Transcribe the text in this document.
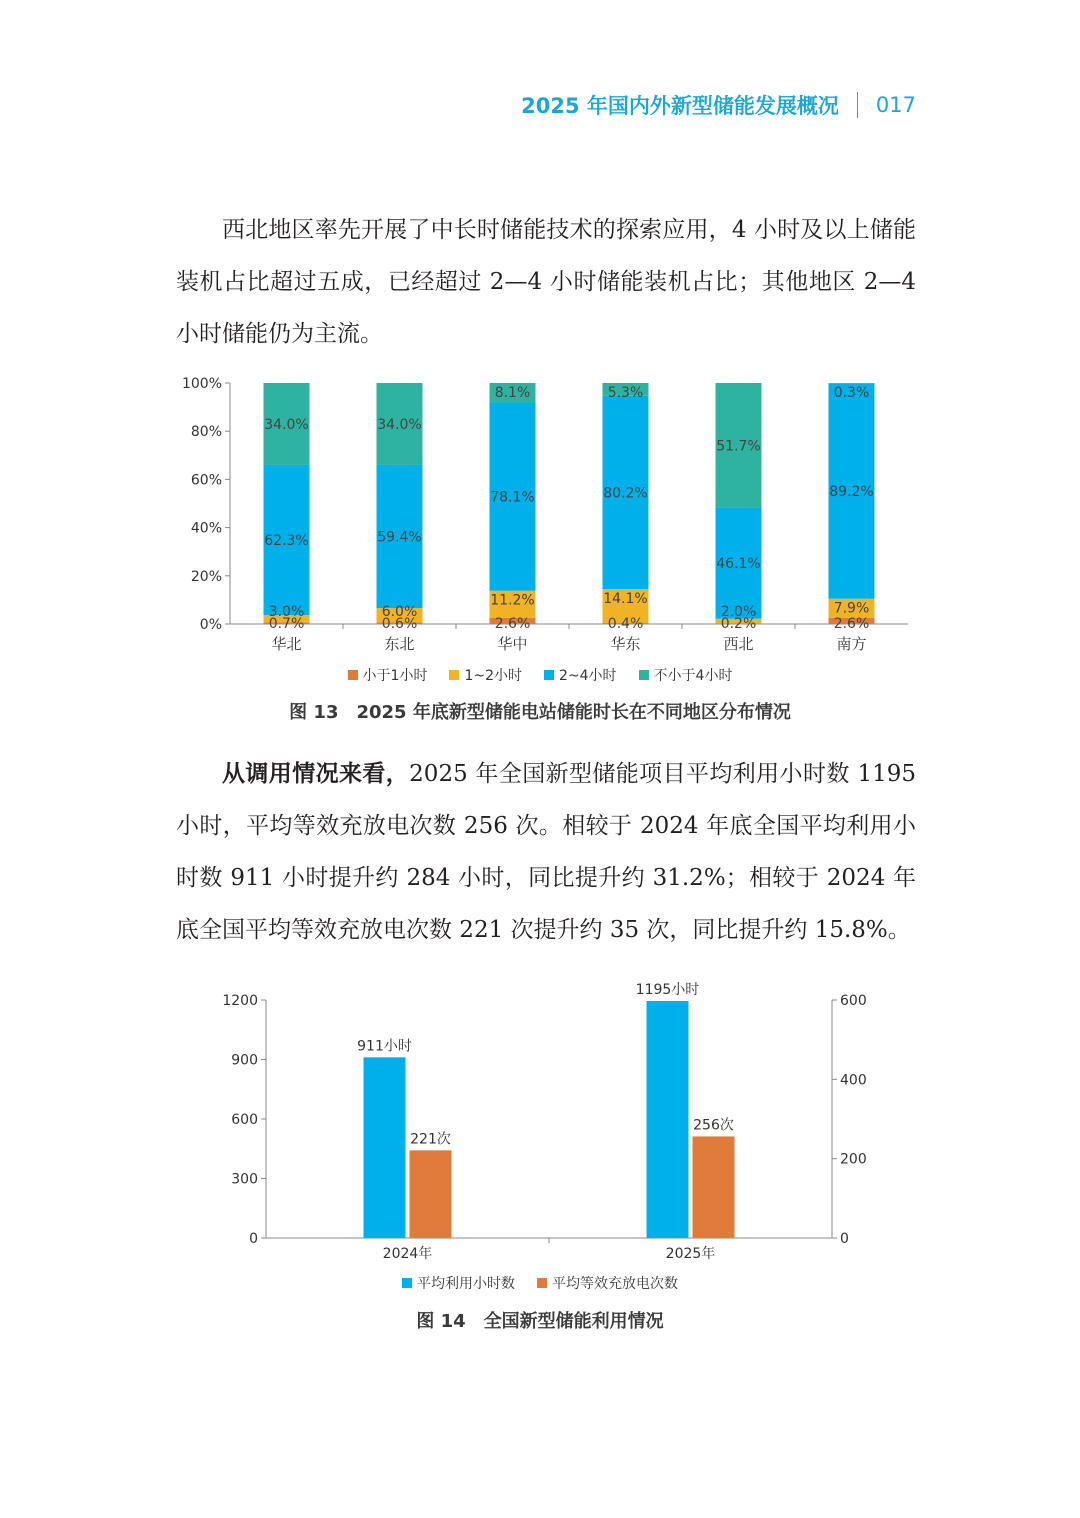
2025 年国内外新型储能发展概况 017

西北地区率先开展了中长时储能技术的探索应用，4 小时及以上储能装机占比超过五成，已经超过 2—4 小时储能装机占比；其他地区 2—4 小时储能仍为主流。

0%
20%
40%
60%
80%
100%
0.7%
3.0%
62.3%
34.0%
华北
0.6%
6.0%
59.4%
34.0%
东北
2.6%
11.2%
78.1%
8.1%
华中
0.4%
14.1%
80.2%
5.3%
华东
0.2%
2.0%
46.1%
51.7%
西北
2.6%
7.9%
89.2%
0.3%
南方
小于1小时	1~2小时	2~4小时	不小于4小时
图 13　2025 年底新型储能电站储能时长在不同地区分布情况

从调用情况来看，2025 年全国新型储能项目平均利用小时数 1195 小时，平均等效充放电次数 256 次。相较于 2024 年底全国平均利用小时数 911 小时提升约 284 小时，同比提升约 31.2%；相较于 2024 年底全国平均等效充放电次数 221 次提升约 35 次，同比提升约 15.8%。

0
300
600
900
1200
0
200
400
600
911小时
221次
2024年
1195小时
256次
2025年
平均利用小时数	平均等效充放电次数
图 14　全国新型储能利用情况
